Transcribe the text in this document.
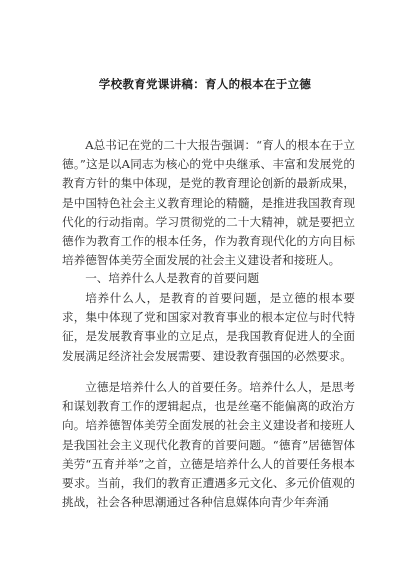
学校教育党课讲稿：育人的根本在于立德

A总书记在党的二十大报告强调：“育人的根本在于立德。”这是以A同志为核心的党中央继承、丰富和发展党的教育方针的集中体现，是党的教育理论创新的最新成果，是中国特色社会主义教育理论的精髓，是推进我国教育现代化的行动指南。学习贯彻党的二十大精神，就是要把立德作为教育工作的根本任务，作为教育现代化的方向目标培养德智体美劳全面发展的社会主义建设者和接班人。

一、培养什么人是教育的首要问题

培养什么人，是教育的首要问题，是立德的根本要求，集中体现了党和国家对教育事业的根本定位与时代特征，是发展教育事业的立足点，是我国教育促进人的全面发展满足经济社会发展需要、建设教育强国的必然要求。

立德是培养什么人的首要任务。培养什么人，是思考和谋划教育工作的逻辑起点，也是丝毫不能偏离的政治方向。培养德智体美劳全面发展的社会主义建设者和接班人是我国社会主义现代化教育的首要问题。“德育”居德智体美劳“五育并举”之首，立德是培养什么人的首要任务根本要求。当前，我们的教育正遭遇多元文化、多元价值观的挑战，社会各种思潮通过各种信息媒体向青少年奔涌
